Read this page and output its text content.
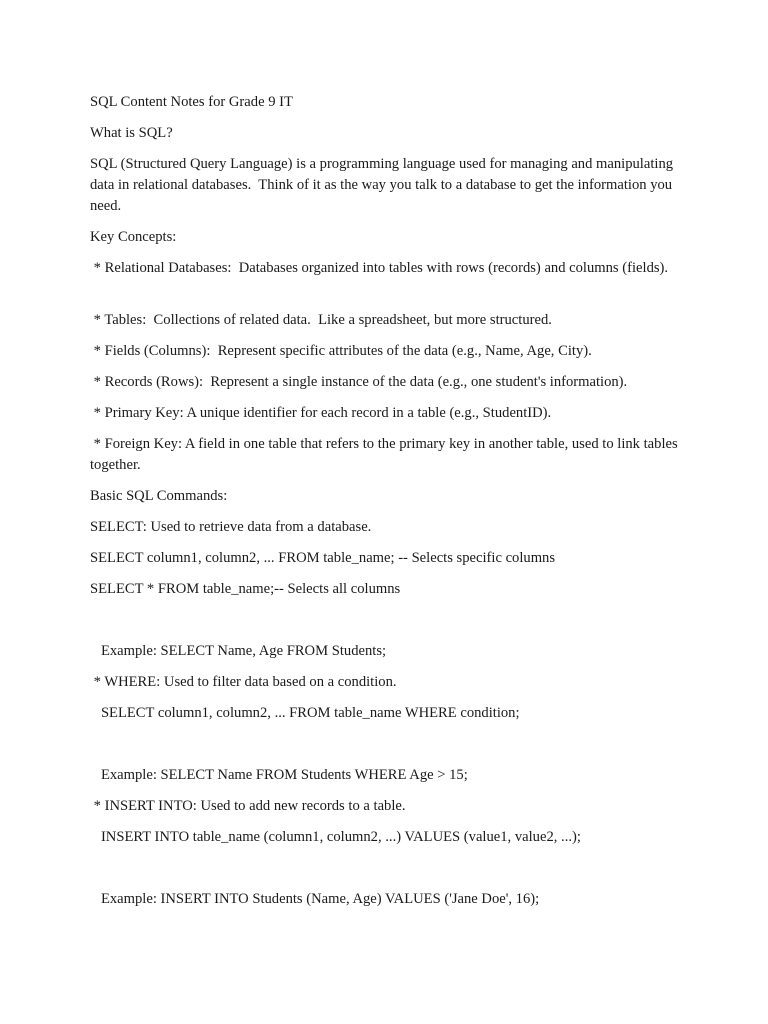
SQL Content Notes for Grade 9 IT
What is SQL?
SQL (Structured Query Language) is a programming language used for managing and manipulating data in relational databases.  Think of it as the way you talk to a database to get the information you need.
Key Concepts:
* Relational Databases:  Databases organized into tables with rows (records) and columns (fields).
* Tables:  Collections of related data.  Like a spreadsheet, but more structured.
* Fields (Columns):  Represent specific attributes of the data (e.g., Name, Age, City).
* Records (Rows):  Represent a single instance of the data (e.g., one student's information).
* Primary Key: A unique identifier for each record in a table (e.g., StudentID).
* Foreign Key: A field in one table that refers to the primary key in another table, used to link tables together.
Basic SQL Commands:
SELECT: Used to retrieve data from a database.
SELECT column1, column2, ... FROM table_name; -- Selects specific columns
SELECT * FROM table_name;-- Selects all columns
Example: SELECT Name, Age FROM Students;
* WHERE: Used to filter data based on a condition.
SELECT column1, column2, ... FROM table_name WHERE condition;
Example: SELECT Name FROM Students WHERE Age > 15;
* INSERT INTO: Used to add new records to a table.
INSERT INTO table_name (column1, column2, ...) VALUES (value1, value2, ...);
Example: INSERT INTO Students (Name, Age) VALUES ('Jane Doe', 16);
